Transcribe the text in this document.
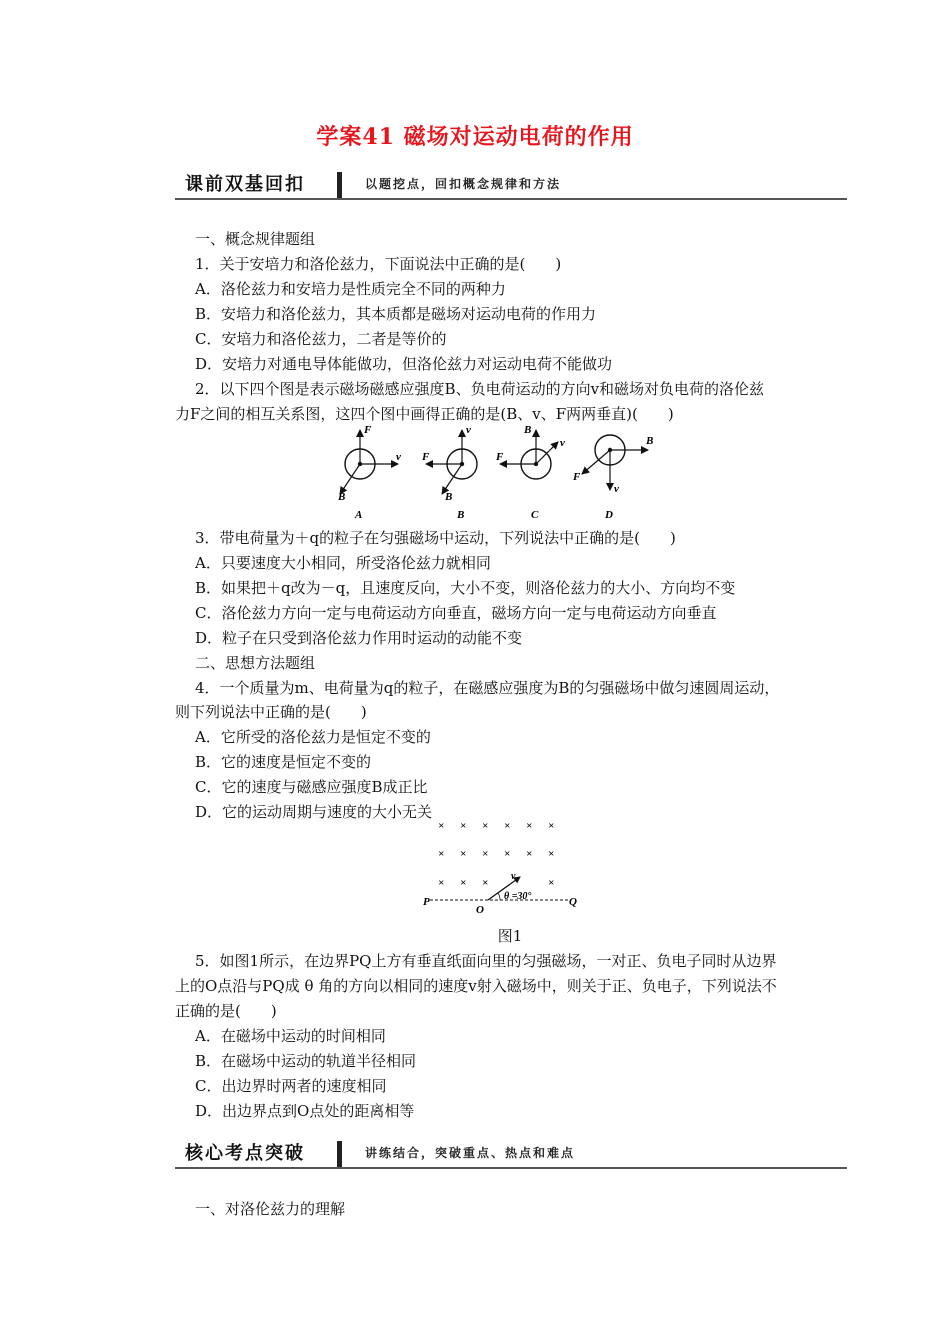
学案41 磁场对运动电荷的作用
课前双基回扣	以题挖点，回扣概念规律和方法
一、概念规律题组
1．关于安培力和洛伦兹力，下面说法中正确的是(　　)
A．洛伦兹力和安培力是性质完全不同的两种力
B．安培力和洛伦兹力，其本质都是磁场对运动电荷的作用力
C．安培力和洛伦兹力，二者是等价的
D．安培力对通电导体能做功，但洛伦兹力对运动电荷不能做功
2．以下四个图是表示磁场磁感应强度B、负电荷运动的方向v和磁场对负电荷的洛伦兹
力F之间的相互关系图，这四个图中画得正确的是(B、v、F两两垂直)(　　)
F
v
B
A
v
F
B
B
B
F
v
C
B
v
F
D
3．带电荷量为＋q的粒子在匀强磁场中运动，下列说法中正确的是(　　)
A．只要速度大小相同，所受洛伦兹力就相同
B．如果把＋q改为－q，且速度反向，大小不变，则洛伦兹力的大小、方向均不变
C．洛伦兹力方向一定与电荷运动方向垂直，磁场方向一定与电荷运动方向垂直
D．粒子在只受到洛伦兹力作用时运动的动能不变
二、思想方法题组
4．一个质量为m、电荷量为q的粒子，在磁感应强度为B的匀强磁场中做匀速圆周运动，
则下列说法中正确的是(　　)
A．它所受的洛伦兹力是恒定不变的
B．它的速度是恒定不变的
C．它的速度与磁感应强度B成正比
D．它的运动周期与速度的大小无关
× × × × × ×
× × × × × ×
× × ×	×
P	Q
O
v
θ =30°
图1
5．如图1所示，在边界PQ上方有垂直纸面向里的匀强磁场，一对正、负电子同时从边界
上的O点沿与PQ成 θ 角的方向以相同的速度v射入磁场中，则关于正、负电子，下列说法不
正确的是(　　)
A．在磁场中运动的时间相同
B．在磁场中运动的轨道半径相同
C．出边界时两者的速度相同
D．出边界点到O点处的距离相等
核心考点突破	讲练结合，突破重点、热点和难点
一、对洛伦兹力的理解
